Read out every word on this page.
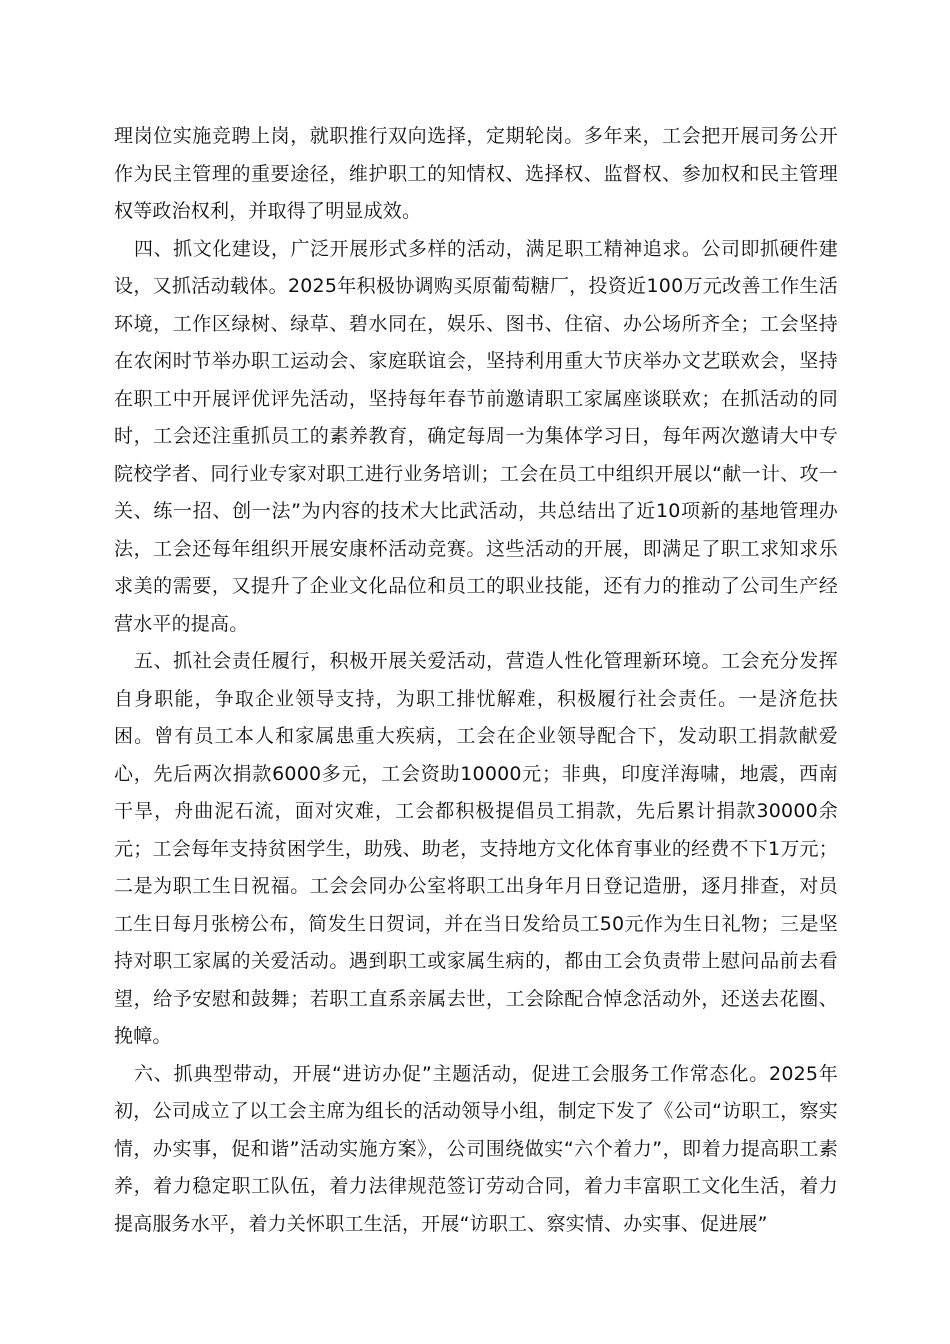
理岗位实施竞聘上岗，就职推行双向选择，定期轮岗。多年来，工会把开展司务公开作为民主管理的重要途径，维护职工的知情权、选择权、监督权、参加权和民主管理权等政治权利，并取得了明显成效。

四、抓文化建设，广泛开展形式多样的活动，满足职工精神追求。公司即抓硬件建设，又抓活动载体。2025年积极协调购买原葡萄糖厂，投资近100万元改善工作生活环境，工作区绿树、绿草、碧水同在，娱乐、图书、住宿、办公场所齐全；工会坚持在农闲时节举办职工运动会、家庭联谊会，坚持利用重大节庆举办文艺联欢会，坚持在职工中开展评优评先活动，坚持每年春节前邀请职工家属座谈联欢；在抓活动的同时，工会还注重抓员工的素养教育，确定每周一为集体学习日，每年两次邀请大中专院校学者、同行业专家对职工进行业务培训；工会在员工中组织开展以“献一计、攻一关、练一招、创一法”为内容的技术大比武活动，共总结出了近10项新的基地管理办法，工会还每年组织开展安康杯活动竞赛。这些活动的开展，即满足了职工求知求乐求美的需要，又提升了企业文化品位和员工的职业技能，还有力的推动了公司生产经营水平的提高。

五、抓社会责任履行，积极开展关爱活动，营造人性化管理新环境。工会充分发挥自身职能，争取企业领导支持，为职工排忧解难，积极履行社会责任。一是济危扶困。曾有员工本人和家属患重大疾病，工会在企业领导配合下，发动职工捐款献爱心，先后两次捐款6000多元，工会资助10000元；非典，印度洋海啸，地震，西南干旱，舟曲泥石流，面对灾难，工会都积极提倡员工捐款，先后累计捐款30000余元；工会每年支持贫困学生，助残、助老，支持地方文化体育事业的经费不下1万元；二是为职工生日祝福。工会会同办公室将职工出身年月日登记造册，逐月排查，对员工生日每月张榜公布，简发生日贺词，并在当日发给员工50元作为生日礼物；三是坚持对职工家属的关爱活动。遇到职工或家属生病的，都由工会负责带上慰问品前去看望，给予安慰和鼓舞；若职工直系亲属去世，工会除配合悼念活动外，还送去花圈、挽幛。

六、抓典型带动，开展“进访办促”主题活动，促进工会服务工作常态化。2025年初，公司成立了以工会主席为组长的活动领导小组，制定下发了《公司“访职工，察实情，办实事，促和谐”活动实施方案》，公司围绕做实“六个着力”，即着力提高职工素养，着力稳定职工队伍，着力法律规范签订劳动合同，着力丰富职工文化生活，着力提高服务水平，着力关怀职工生活，开展“访职工、察实情、办实事、促进展”
